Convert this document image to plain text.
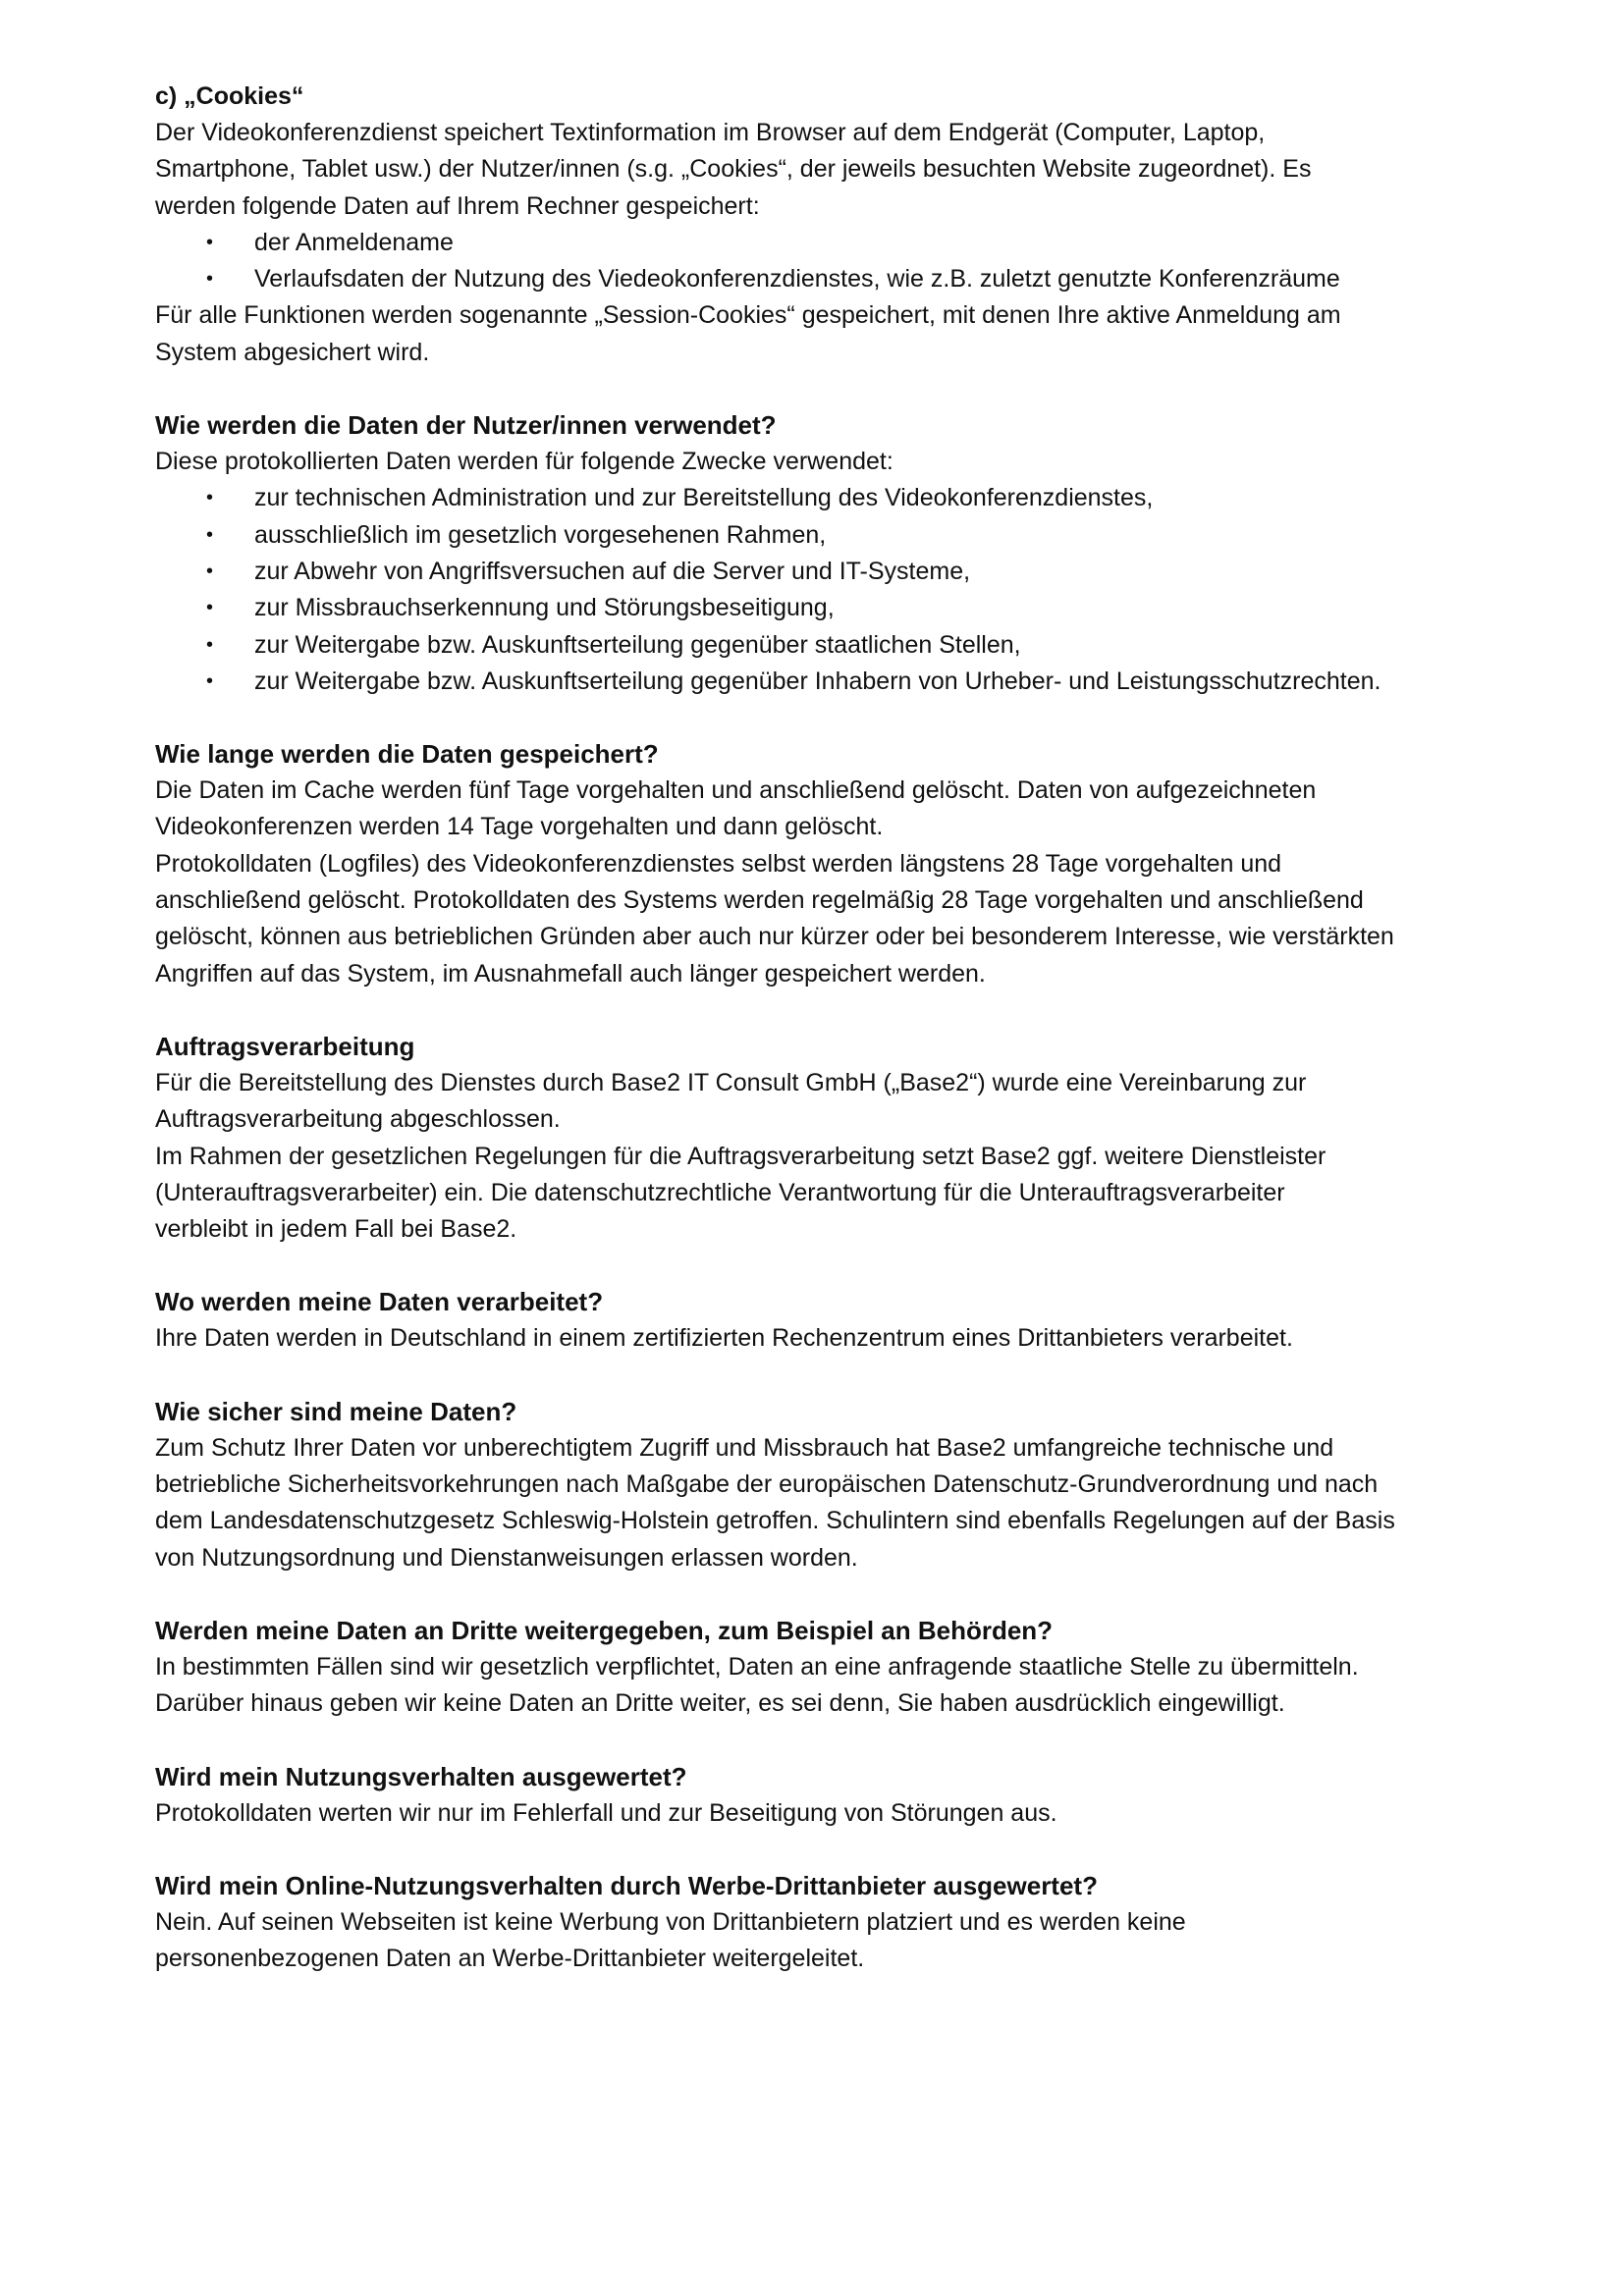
c) „Cookies“

Der Videokonferenzdienst speichert Textinformation im Browser auf dem Endgerät (Computer, Laptop,

Smartphone, Tablet usw.) der Nutzer/innen (s.g. „Cookies“, der jeweils besuchten Website zugeordnet). Es

werden folgende Daten auf Ihrem Rechner gespeichert:

• der Anmeldename
• Verlaufsdaten der Nutzung des Viedeokonferenzdienstes, wie z.B. zuletzt genutzte Konferenzräume

Für alle Funktionen werden sogenannte „Session-Cookies“ gespeichert, mit denen Ihre aktive Anmeldung am

System abgesichert wird.

Wie werden die Daten der Nutzer/innen verwendet?

Diese protokollierten Daten werden für folgende Zwecke verwendet:

• zur technischen Administration und zur Bereitstellung des Videokonferenzdienstes,
• ausschließlich im gesetzlich vorgesehenen Rahmen,
• zur Abwehr von Angriffsversuchen auf die Server und IT-Systeme,
• zur Missbrauchserkennung und Störungsbeseitigung,
• zur Weitergabe bzw. Auskunftserteilung gegenüber staatlichen Stellen,
• zur Weitergabe bzw. Auskunftserteilung gegenüber Inhabern von Urheber- und Leistungsschutzrechten.
Wie lange werden die Daten gespeichert?

Die Daten im Cache werden fünf Tage vorgehalten und anschließend gelöscht. Daten von aufgezeichneten

Videokonferenzen werden 14 Tage vorgehalten und dann gelöscht.

Protokolldaten (Logfiles) des Videokonferenzdienstes selbst werden längstens 28 Tage vorgehalten und

anschließend gelöscht. Protokolldaten des Systems werden regelmäßig 28 Tage vorgehalten und anschließend

gelöscht, können aus betrieblichen Gründen aber auch nur kürzer oder bei besonderem Interesse, wie verstärkten

Angriffen auf das System, im Ausnahmefall auch länger gespeichert werden.

Auftragsverarbeitung

Für die Bereitstellung des Dienstes durch Base2 IT Consult GmbH („Base2“) wurde eine Vereinbarung zur

Auftragsverarbeitung abgeschlossen.

Im Rahmen der gesetzlichen Regelungen für die Auftragsverarbeitung setzt Base2 ggf. weitere Dienstleister

(Unterauftragsverarbeiter) ein. Die datenschutzrechtliche Verantwortung für die Unterauftragsverarbeiter

verbleibt in jedem Fall bei Base2.

Wo werden meine Daten verarbeitet?

Ihre Daten werden in Deutschland in einem zertifizierten Rechenzentrum eines Drittanbieters verarbeitet.

Wie sicher sind meine Daten?

Zum Schutz Ihrer Daten vor unberechtigtem Zugriff und Missbrauch hat Base2 umfangreiche technische und

betriebliche Sicherheitsvorkehrungen nach Maßgabe der europäischen Datenschutz-Grundverordnung und nach

dem Landesdatenschutzgesetz Schleswig-Holstein getroffen. Schulintern sind ebenfalls Regelungen auf der Basis

von Nutzungsordnung und Dienstanweisungen erlassen worden.

Werden meine Daten an Dritte weitergegeben, zum Beispiel an Behörden?

In bestimmten Fällen sind wir gesetzlich verpflichtet, Daten an eine anfragende staatliche Stelle zu übermitteln.

Darüber hinaus geben wir keine Daten an Dritte weiter, es sei denn, Sie haben ausdrücklich eingewilligt.

Wird mein Nutzungsverhalten ausgewertet?

Protokolldaten werten wir nur im Fehlerfall und zur Beseitigung von Störungen aus.

Wird mein Online-Nutzungsverhalten durch Werbe-Drittanbieter ausgewertet?

Nein. Auf seinen Webseiten ist keine Werbung von Drittanbietern platziert und es werden keine

personenbezogenen Daten an Werbe-Drittanbieter weitergeleitet.
